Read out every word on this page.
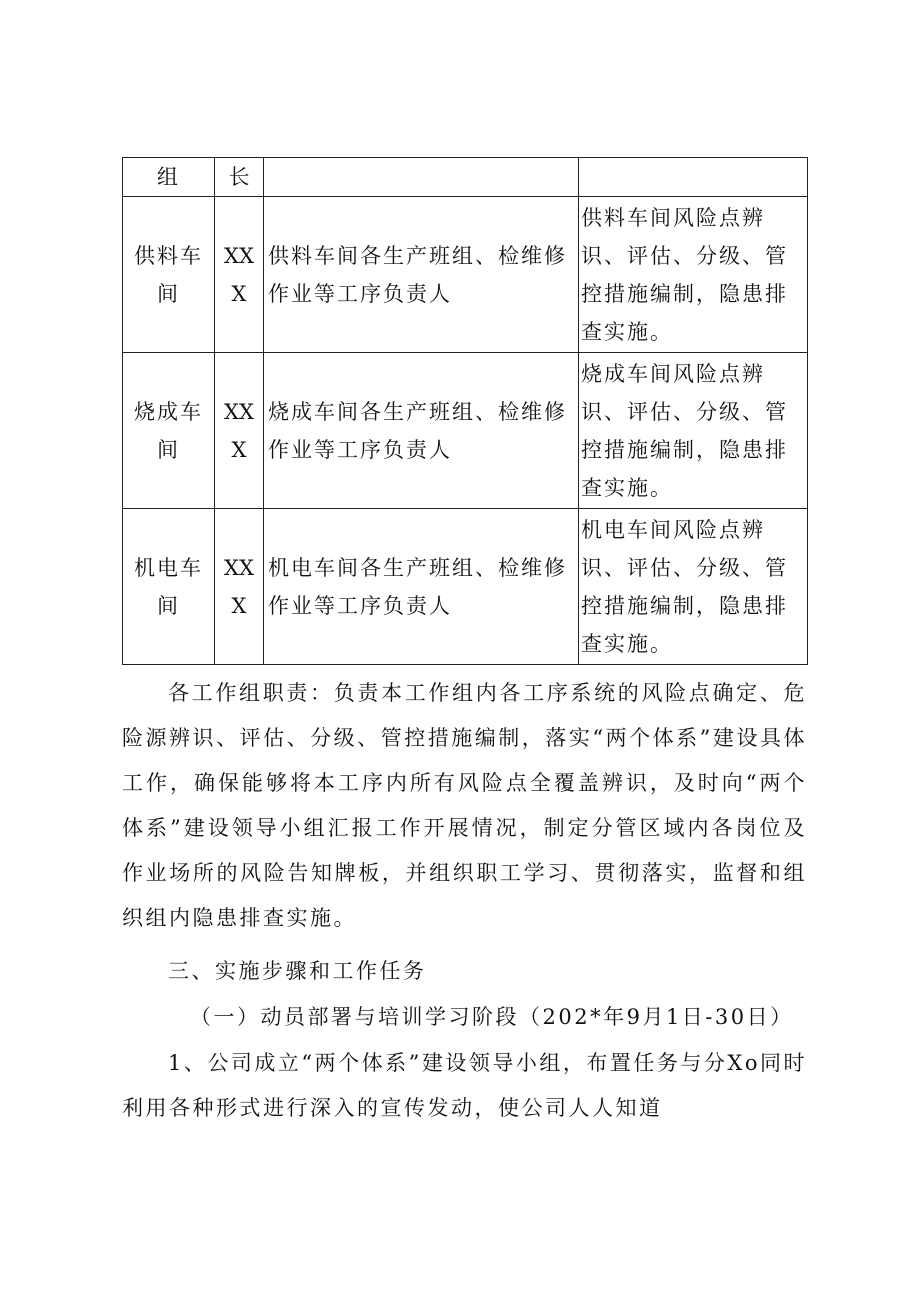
组	长		

供料车间	XXX	供料车间各生产班组、检维修作业等工序负责人	供料车间风险点辨识、评估、分级、管控措施编制，隐患排查实施。

烧成车间	XXX	烧成车间各生产班组、检维修作业等工序负责人	烧成车间风险点辨识、评估、分级、管控措施编制，隐患排查实施。

机电车间	XXX	机电车间各生产班组、检维修作业等工序负责人	机电车间风险点辨识、评估、分级、管控措施编制，隐患排查实施。

各工作组职责：负责本工作组内各工序系统的风险点确定、危险源辨识、评估、分级、管控措施编制，落实“两个体系”建设具体工作，确保能够将本工序内所有风险点全覆盖辨识，及时向“两个体系”建设领导小组汇报工作开展情况，制定分管区域内各岗位及作业场所的风险告知牌板，并组织职工学习、贯彻落实，监督和组织组内隐患排查实施。

三、实施步骤和工作任务

（一）动员部署与培训学习阶段（202*年9月1日-30日）

1、公司成立“两个体系”建设领导小组，布置任务与分Xo同时利用各种形式进行深入的宣传发动，使公司人人知道
